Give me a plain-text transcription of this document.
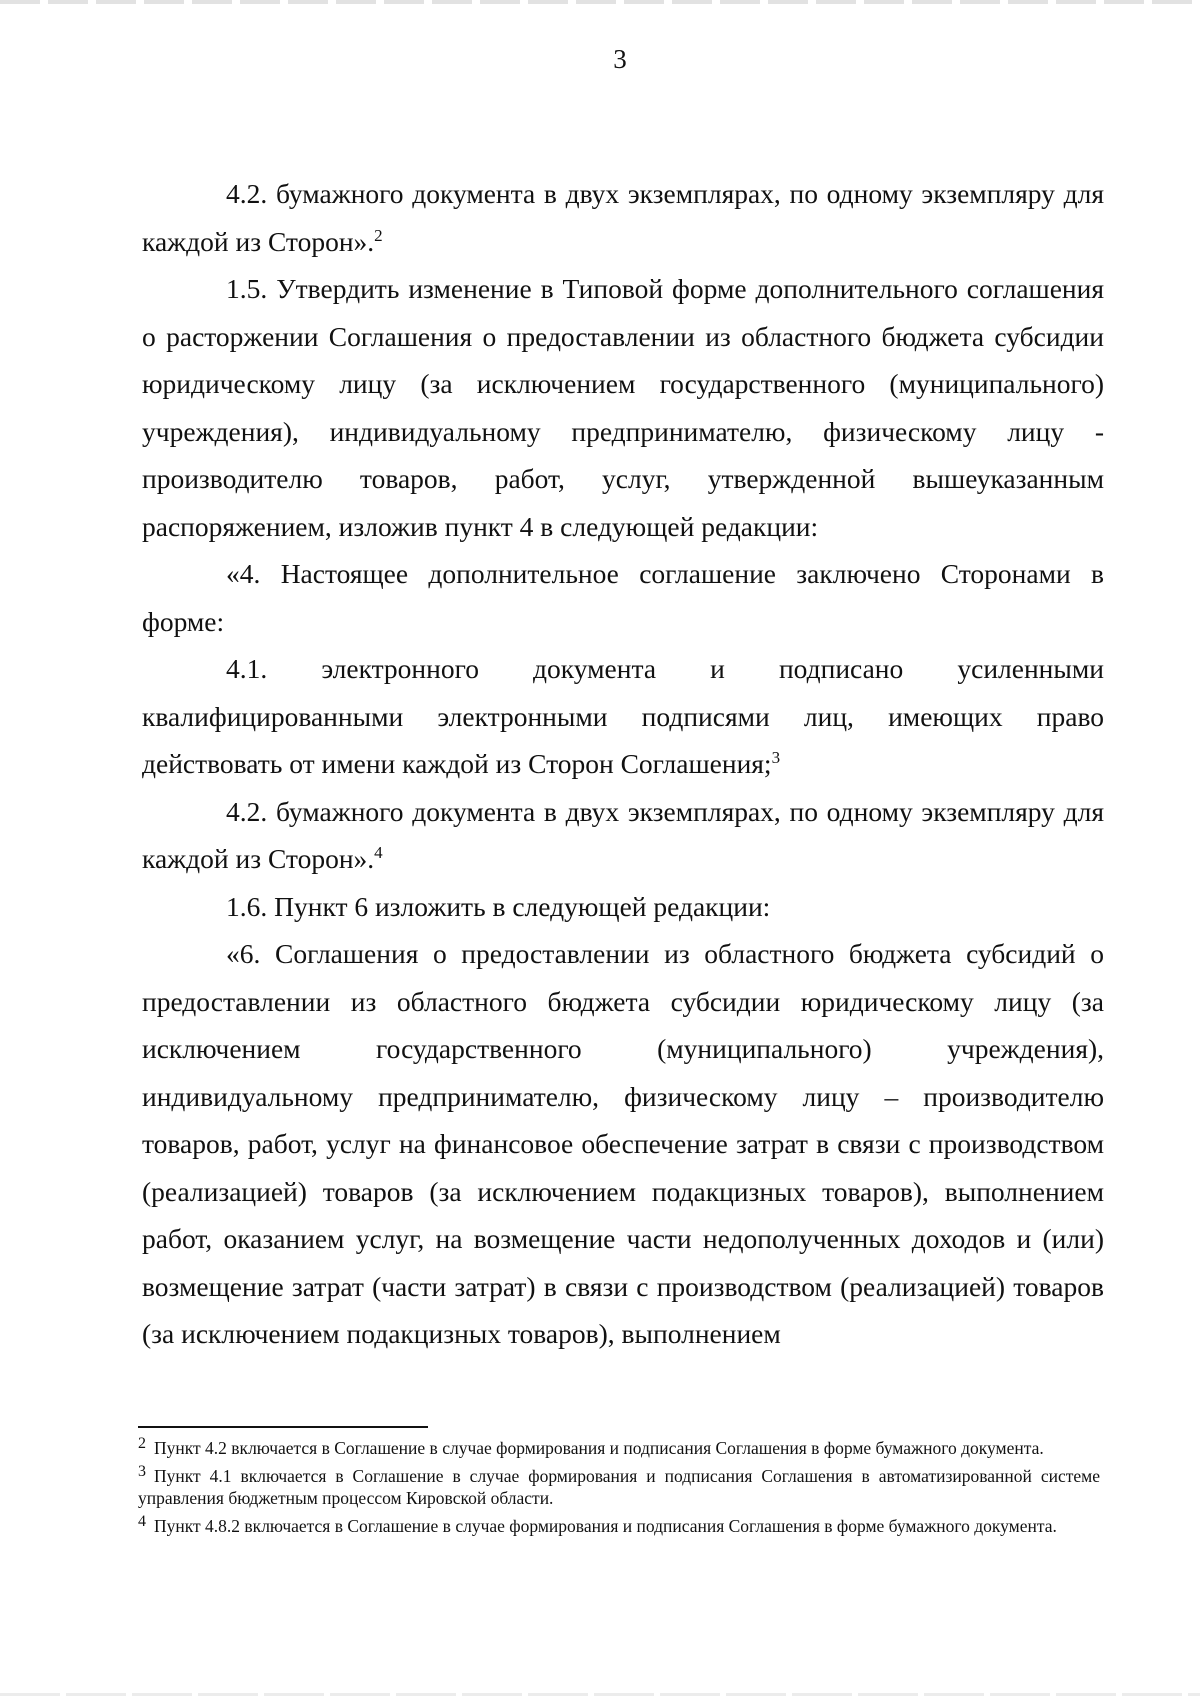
3

4.2. бумажного документа в двух экземплярах, по одному экземпляру для каждой из Сторон».$^2$

1.5. Утвердить изменение в Типовой форме дополнительного соглашения о расторжении Соглашения о предоставлении из областного бюджета субсидии юридическому лицу (за исключением государственного (муниципального) учреждения), индивидуальному предпринимателю, физическому лицу - производителю товаров, работ, услуг, утвержденной вышеуказанным распоряжением, изложив пункт 4 в следующей редакции:

«4. Настоящее дополнительное соглашение заключено Сторонами в форме:

4.1. электронного документа и подписано усиленными квалифицированными электронными подписями лиц, имеющих право действовать от имени каждой из Сторон Соглашения;$^3$

4.2. бумажного документа в двух экземплярах, по одному экземпляру для каждой из Сторон».$^4$

1.6. Пункт 6 изложить в следующей редакции:

«6. Соглашения о предоставлении из областного бюджета субсидий о предоставлении из областного бюджета субсидии юридическому лицу (за исключением государственного (муниципального) учреждения), индивидуальному предпринимателю, физическому лицу – производителю товаров, работ, услуг на финансовое обеспечение затрат в связи с производством (реализацией) товаров (за исключением подакцизных товаров), выполнением работ, оказанием услуг, на возмещение части недополученных доходов и (или) возмещение затрат (части затрат) в связи с производством (реализацией) товаров (за исключением подакцизных товаров), выполнением

$^2$ Пункт 4.2 включается в Соглашение в случае формирования и подписания Соглашения в форме бумажного документа.

$^3$ Пункт 4.1 включается в Соглашение в случае формирования и подписания Соглашения в автоматизированной системе управления бюджетным процессом Кировской области.

$^4$ Пункт 4.8.2 включается в Соглашение в случае формирования и подписания Соглашения в форме бумажного документа.
